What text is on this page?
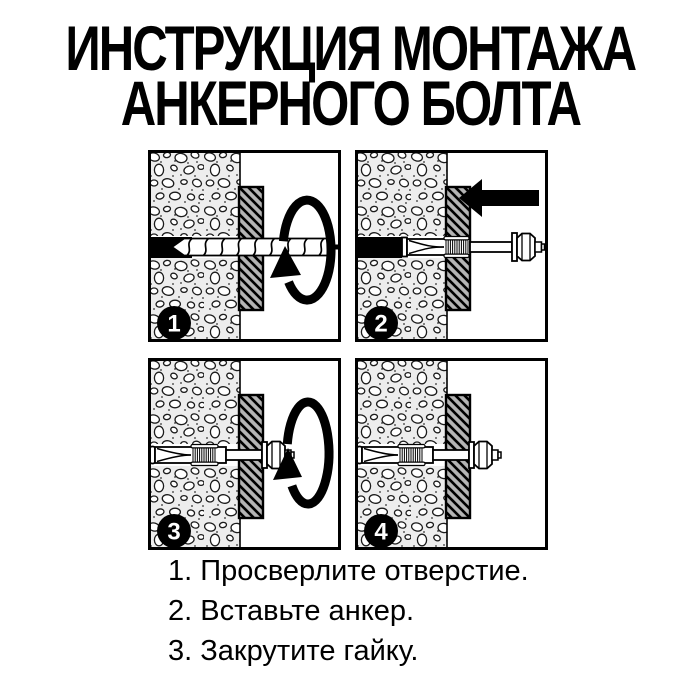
ИНСТРУКЦИЯ МОНТАЖА
АНКЕРНОГО БОЛТА
1	2
3	4
1. Просверлите отверстие.
2. Вставьте анкер.
3. Закрутите гайку.
